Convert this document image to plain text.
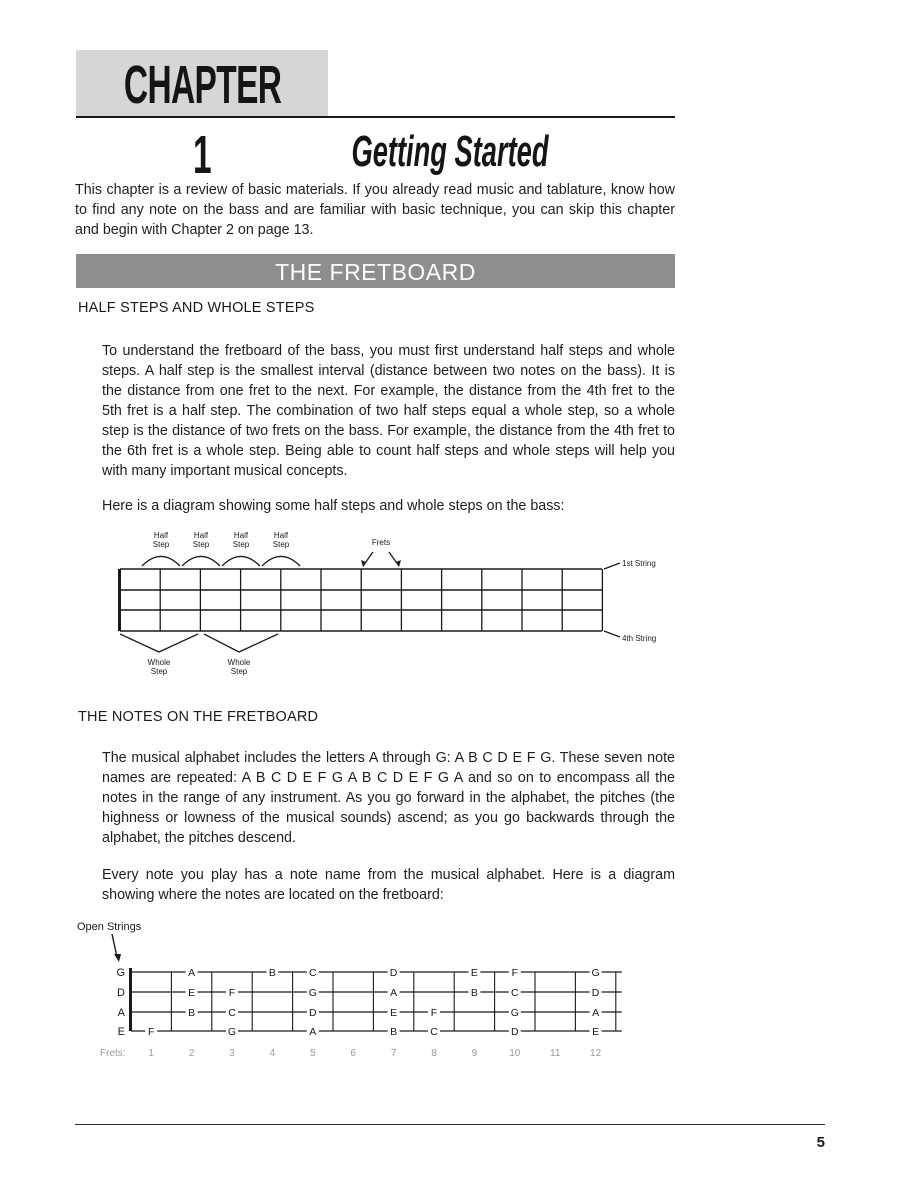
CHAPTER 1	Getting Started
This chapter is a review of basic materials. If you already read music and tablature, know how to find any note on the bass and are familiar with basic technique, you can skip this chapter and begin with Chapter 2 on page 13.
THE FRETBOARD
HALF STEPS AND WHOLE STEPS
To understand the fretboard of the bass, you must first understand half steps and whole steps. A half step is the smallest interval (distance between two notes on the bass). It is the distance from one fret to the next. For example, the distance from the 4th fret to the 5th fret is a half step. The combination of two half steps equal a whole step, so a whole step is the distance of two frets on the bass. For example, the distance from the 4th fret to the 6th fret is a whole step. Being able to count half steps and whole steps will help you with many important musical concepts.
Here is a diagram showing some half steps and whole steps on the bass:
Half
Step
Half
Step
Half
Step
Half
Step	Frets
Whole
Step
Whole
Step
1st String
4th String
THE NOTES ON THE FRETBOARD
The musical alphabet includes the letters A through G: A B C D E F G. These seven note names are repeated: A B C D E F G A B C D E F G A and so on to encompass all the notes in the range of any instrument. As you go forward in the alphabet, the pitches (the highness or lowness of the musical sounds) ascend; as you go backwards through the alphabet, the pitches descend.
Every note you play has a note name from the musical alphabet. Here is a diagram showing where the notes are located on the fretboard:
Open Strings
G
D
A
E
A	B	C	D	E	F	G
E	F	G	A	B	C	D
B	C	D	E	F	G	A
F	G	A	B	C	D	E
Frets: 1	2	3	4	5	6	7	8	9	10	11	12
5
